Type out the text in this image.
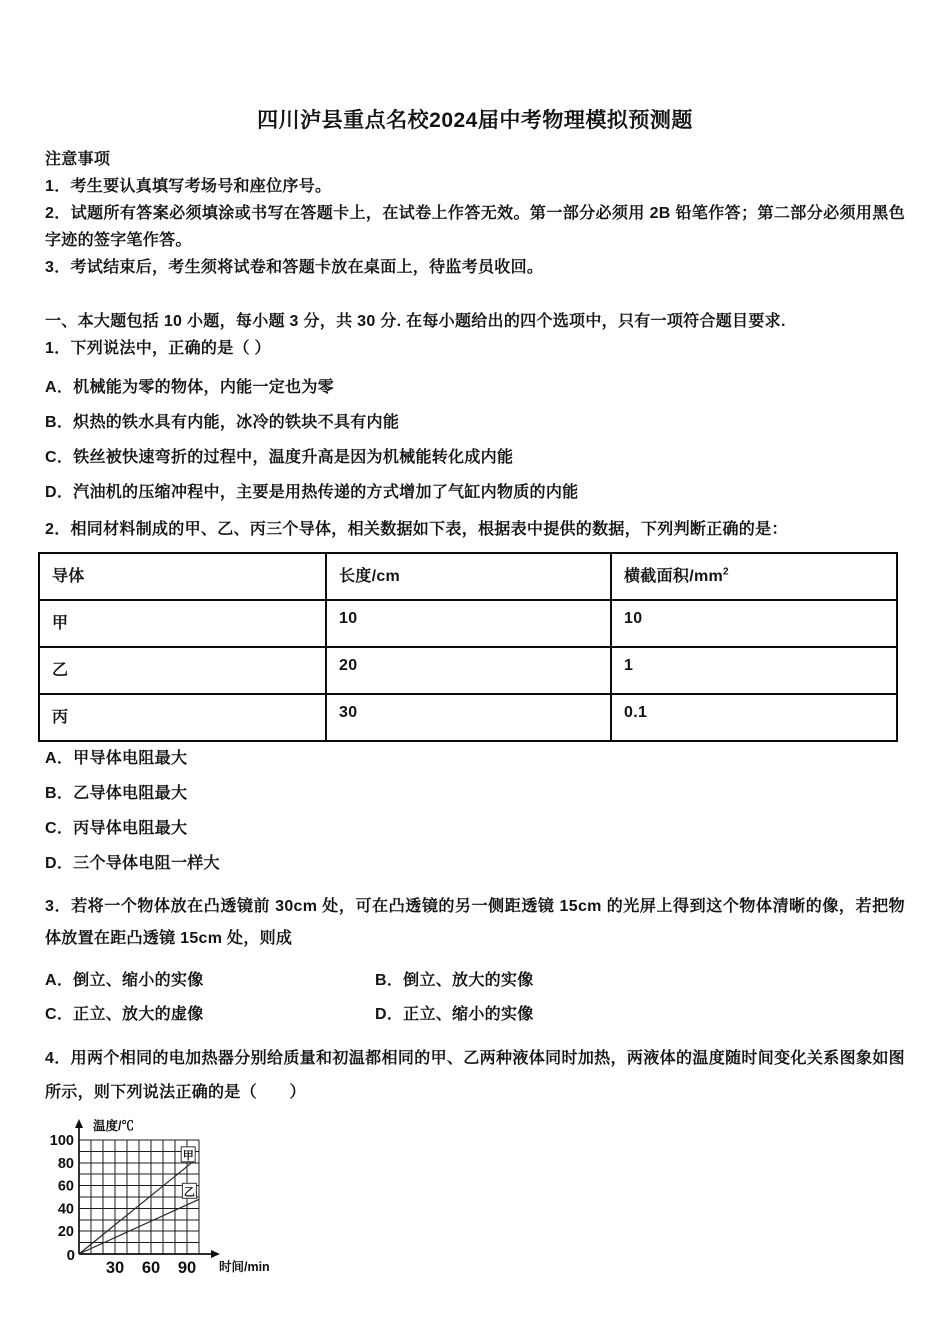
四川泸县重点名校2024届中考物理模拟预测题

注意事项

1．考生要认真填写考场号和座位序号。

2．试题所有答案必须填涂或书写在答题卡上，在试卷上作答无效。第一部分必须用 2B 铅笔作答；第二部分必须用黑色字迹的签字笔作答。

3．考试结束后，考生须将试卷和答题卡放在桌面上，待监考员收回。

一、本大题包括 10 小题，每小题 3 分，共 30 分. 在每小题给出的四个选项中，只有一项符合题目要求.

1．下列说法中，正确的是（ ）

A．机械能为零的物体，内能一定也为零

B．炽热的铁水具有内能，冰冷的铁块不具有内能

C．铁丝被快速弯折的过程中，温度升高是因为机械能转化成内能

D．汽油机的压缩冲程中，主要是用热传递的方式增加了气缸内物质的内能

2．相同材料制成的甲、乙、丙三个导体，相关数据如下表，根据表中提供的数据，下列判断正确的是：

导体	长度/cm	横截面积$/mm^2$
甲	10	10
乙	20	1
丙	30	0.1

A．甲导体电阻最大

B．乙导体电阻最大

C．丙导体电阻最大

D．三个导体电阻一样大

3．若将一个物体放在凸透镜前 30cm 处，可在凸透镜的另一侧距透镜 15cm 的光屏上得到这个物体清晰的像，若把物体放置在距凸透镜 15cm 处，则成

A．倒立、缩小的实像	B．倒立、放大的实像

C．正立、放大的虚像	D．正立、缩小的实像

4．用两个相同的电加热器分别给质量和初温都相同的甲、乙两种液体同时加热，两液体的温度随时间变化关系图象如图所示，则下列说法正确的是（　　）

20
40
60
80
100
0
30 60 90
温度/℃
时间/min
甲
乙
